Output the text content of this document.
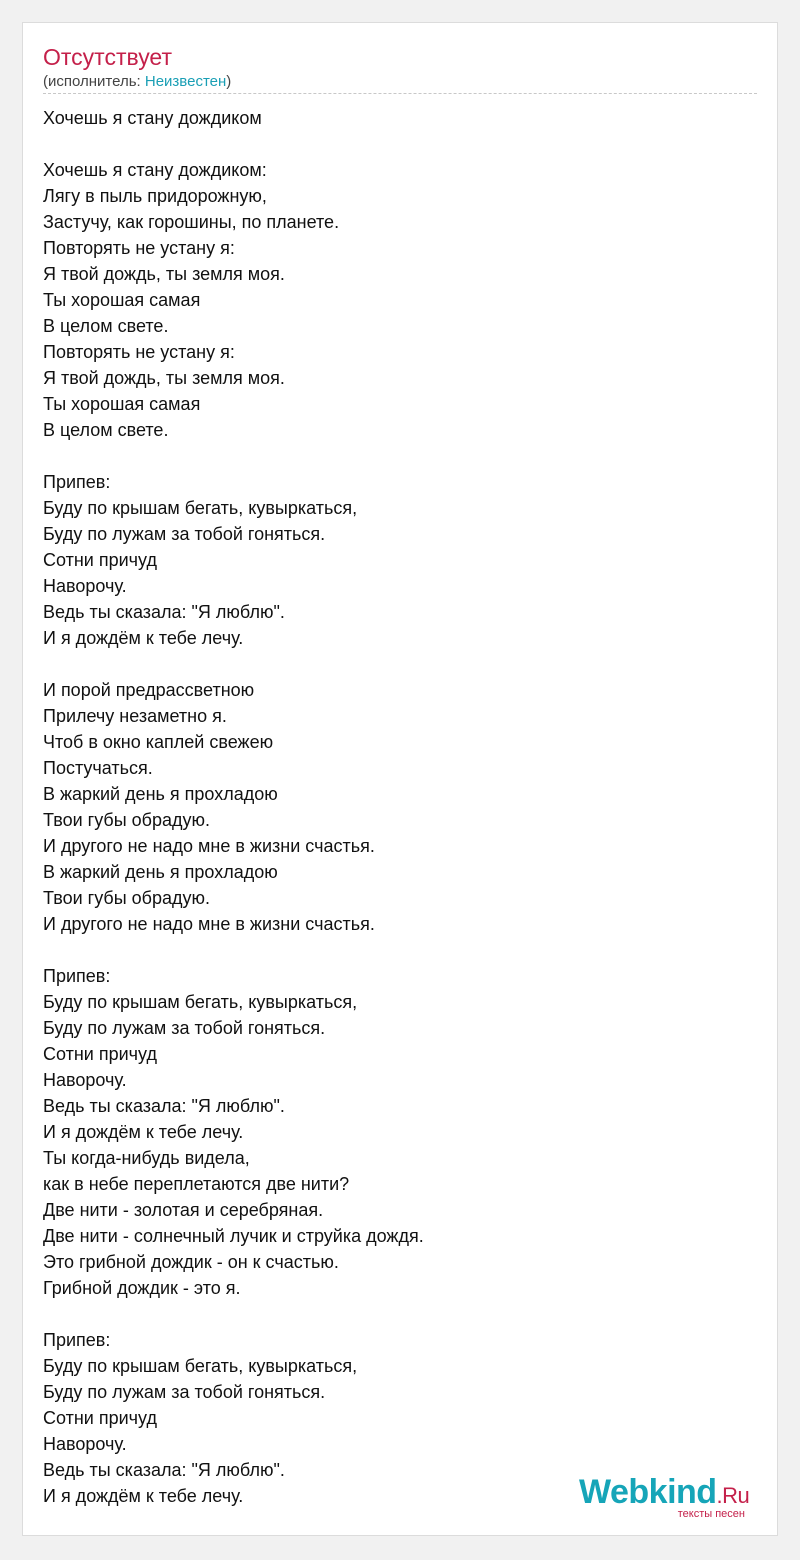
Отсутствует
(исполнитель: Неизвестен)
Хочешь я стану дождиком
Хочешь я стану дождиком:
Лягу в пыль придорожную,
Застучу, как горошины, по планете.
Повторять не устану я:
Я твой дождь, ты земля моя.
Ты хорошая самая
В целом свете.
Повторять не устану я:
Я твой дождь, ты земля моя.
Ты хорошая самая
В целом свете.
Припев:
Буду по крышам бегать, кувыркаться,
Буду по лужам за тобой гоняться.
Сотни причуд
Наворочу.
Ведь ты сказала: "Я люблю".
И я дождём к тебе лечу.
И порой предрассветною
Прилечу незаметно я.
Чтоб в окно каплей свежею
Постучаться.
В жаркий день я прохладою
Твои губы обрадую.
И другого не надо мне в жизни счастья.
В жаркий день я прохладою
Твои губы обрадую.
И другого не надо мне в жизни счастья.
Припев:
Буду по крышам бегать, кувыркаться,
Буду по лужам за тобой гоняться.
Сотни причуд
Наворочу.
Ведь ты сказала: "Я люблю".
И я дождём к тебе лечу.
Ты когда-нибудь видела,
как в небе переплетаются две нити?
Две нити - золотая и серебряная.
Две нити - солнечный лучик и струйка дождя.
Это грибной дождик - он к счастью.
Грибной дождик - это я.
Припев:
Буду по крышам бегать, кувыркаться,
Буду по лужам за тобой гоняться.
Сотни причуд
Наворочу.
Ведь ты сказала: "Я люблю".
И я дождём к тебе лечу.	Webkind.Ru
тексты песен
